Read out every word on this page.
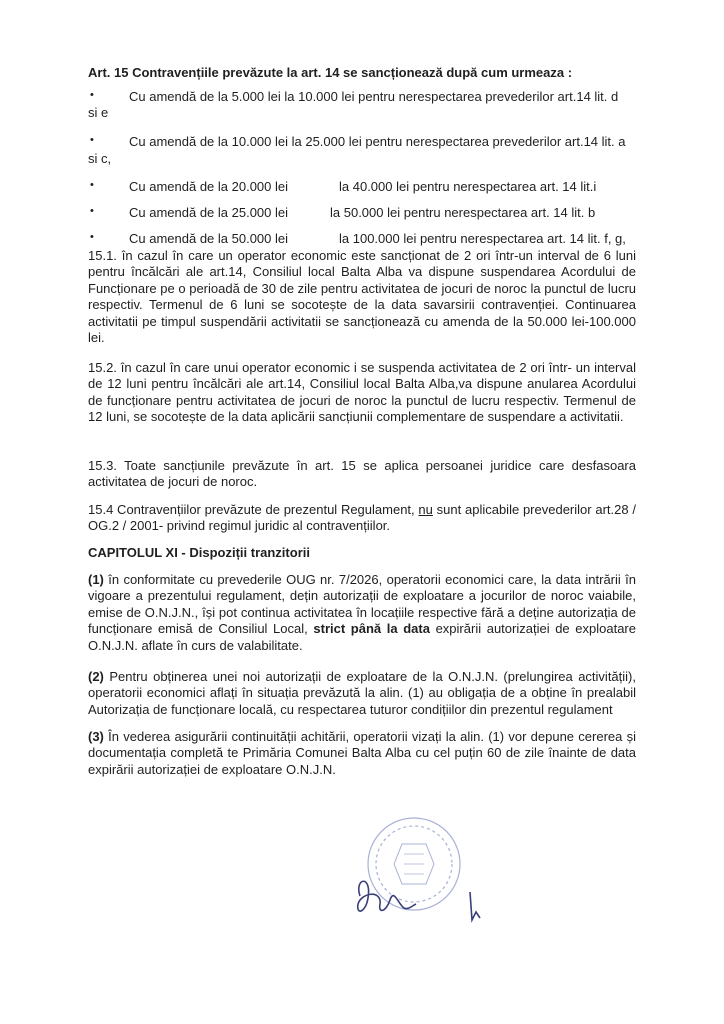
Art. 15 Contravențiile prevăzute la art. 14 se sancționează după cum urmeaza :
•	Cu amendă de la 5.000 lei la 10.000 lei pentru nerespectarea prevederilor art.14 lit. d
si e
•	Cu amendă de la 10.000 lei la 25.000 lei pentru nerespectarea prevederilor art.14 lit. a
si c,
•	Cu amendă de la 20.000 lei	la 40.000 lei pentru nerespectarea art. 14 lit.i
•	Cu amendă de la 25.000 lei	la 50.000 lei pentru nerespectarea art. 14 lit. b
•	Cu amendă de la 50.000 lei	la 100.000 lei pentru nerespectarea art. 14 lit. f, g,

15.1. în cazul în care un operator economic este sancționat de 2 ori într-un interval de 6 luni pentru încălcări ale art.14, Consiliul local Balta Alba va dispune suspendarea Acordului de Funcționare pe o perioadă de 30 de zile pentru activitatea de jocuri de noroc la punctul de lucru respectiv. Termenul de 6 luni se socotește de la data savarsirii contravenției. Continuarea activitatii pe timpul suspendării activitatii se sancționează cu amenda de la 50.000 lei-100.000 lei.

15.2. în cazul în care unui operator economic i se suspenda activitatea de 2 ori într- un interval de 12 luni pentru încălcări ale art.14, Consiliul local Balta Alba,va dispune anularea Acordului de funcționare pentru activitatea de jocuri de noroc la punctul de lucru respectiv. Termenul de 12 luni, se socotește de la data aplicării sancțiunii complementare de suspendare a activitatii.

15.3. Toate sancțiunile prevăzute în art. 15 se aplica persoanei juridice care desfasoara activitatea de jocuri de noroc.

15.4 Contravențiilor prevăzute de prezentul Regulament, nu sunt aplicabile prevederilor art.28 / OG.2 / 2001- privind regimul juridic al contravențiilor.

CAPITOLUL XI - Dispoziții tranzitorii

(1) în conformitate cu prevederile OUG nr. 7/2026, operatorii economici care, la data intrării în vigoare a prezentului regulament, dețin autorizații de exploatare a jocurilor de noroc vaiabile, emise de O.N.J.N., își pot continua activitatea în locațiile respective fără a deține autorizația de funcționare emisă de Consiliul Local, strict până la data expirării autorizației de exploatare O.N.J.N. aflate în curs de valabilitate.

(2) Pentru obținerea unei noi autorizații de exploatare de la O.N.J.N. (prelungirea activității), operatorii economici aflați în situația prevăzută la alin. (1) au obligația de a obține în prealabil Autorizația de funcționare locală, cu respectarea tuturor condițiilor din prezentul regulament

(3) În vederea asigurării continuității achitării, operatorii vizați la alin. (1) vor depune cererea și documentația completă te Primăria Comunei Balta Alba cu cel puțin 60 de zile înainte de data expirării autorizației de exploatare O.N.J.N.
